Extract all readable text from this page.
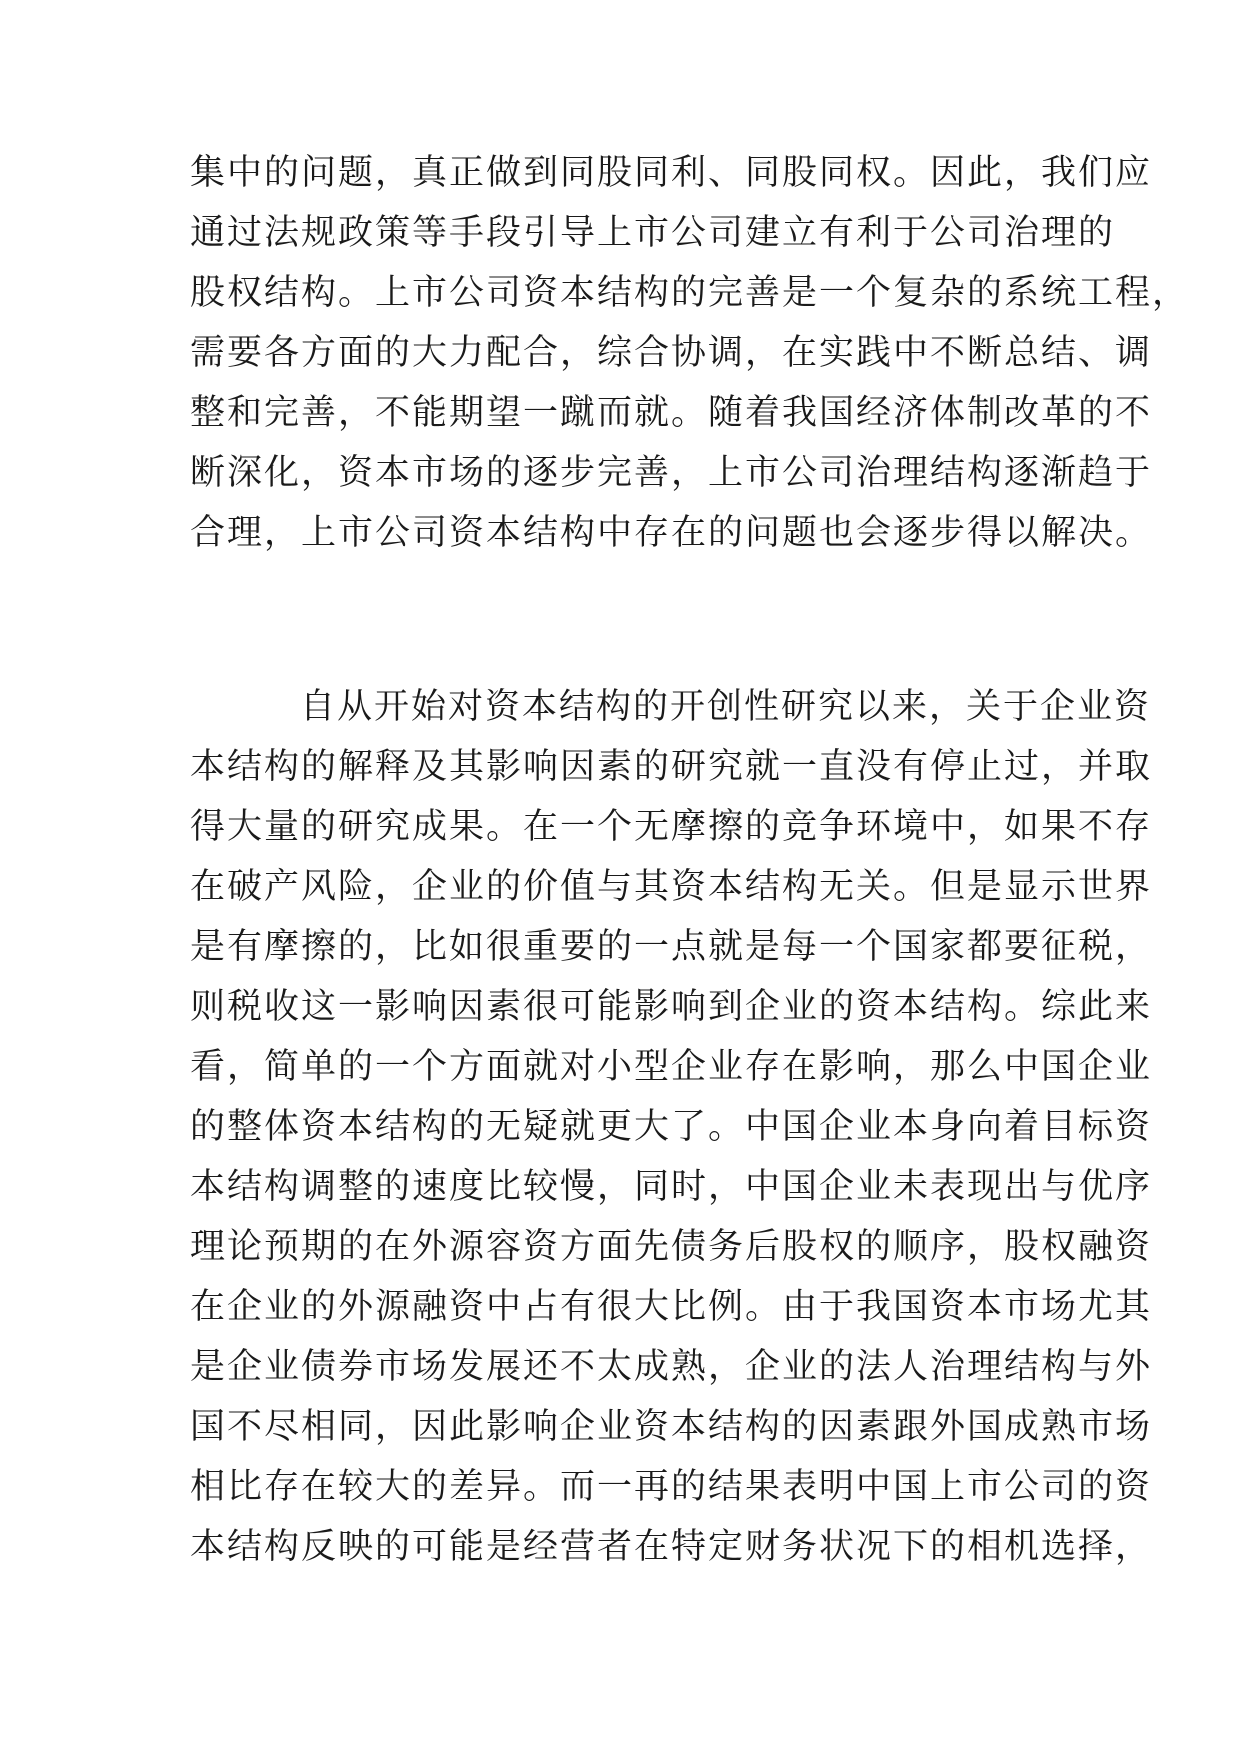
集中的问题，真正做到同股同利、同股同权。因此，我们应
通过法规政策等手段引导上市公司建立有利于公司治理的
股权结构。上市公司资本结构的完善是一个复杂的系统工程，
需要各方面的大力配合，综合协调，在实践中不断总结、调
整和完善，不能期望一蹴而就。随着我国经济体制改革的不
断深化，资本市场的逐步完善，上市公司治理结构逐渐趋于
合理，上市公司资本结构中存在的问题也会逐步得以解决。
自从开始对资本结构的开创性研究以来，关于企业资
本结构的解释及其影响因素的研究就一直没有停止过，并取
得大量的研究成果。在一个无摩擦的竞争环境中，如果不存
在破产风险，企业的价值与其资本结构无关。但是显示世界
是有摩擦的，比如很重要的一点就是每一个国家都要征税，
则税收这一影响因素很可能影响到企业的资本结构。综此来
看，简单的一个方面就对小型企业存在影响，那么中国企业
的整体资本结构的无疑就更大了。中国企业本身向着目标资
本结构调整的速度比较慢，同时，中国企业未表现出与优序
理论预期的在外源容资方面先债务后股权的顺序，股权融资
在企业的外源融资中占有很大比例。由于我国资本市场尤其
是企业债券市场发展还不太成熟，企业的法人治理结构与外
国不尽相同，因此影响企业资本结构的因素跟外国成熟市场
相比存在较大的差异。而一再的结果表明中国上市公司的资
本结构反映的可能是经营者在特定财务状况下的相机选择，
